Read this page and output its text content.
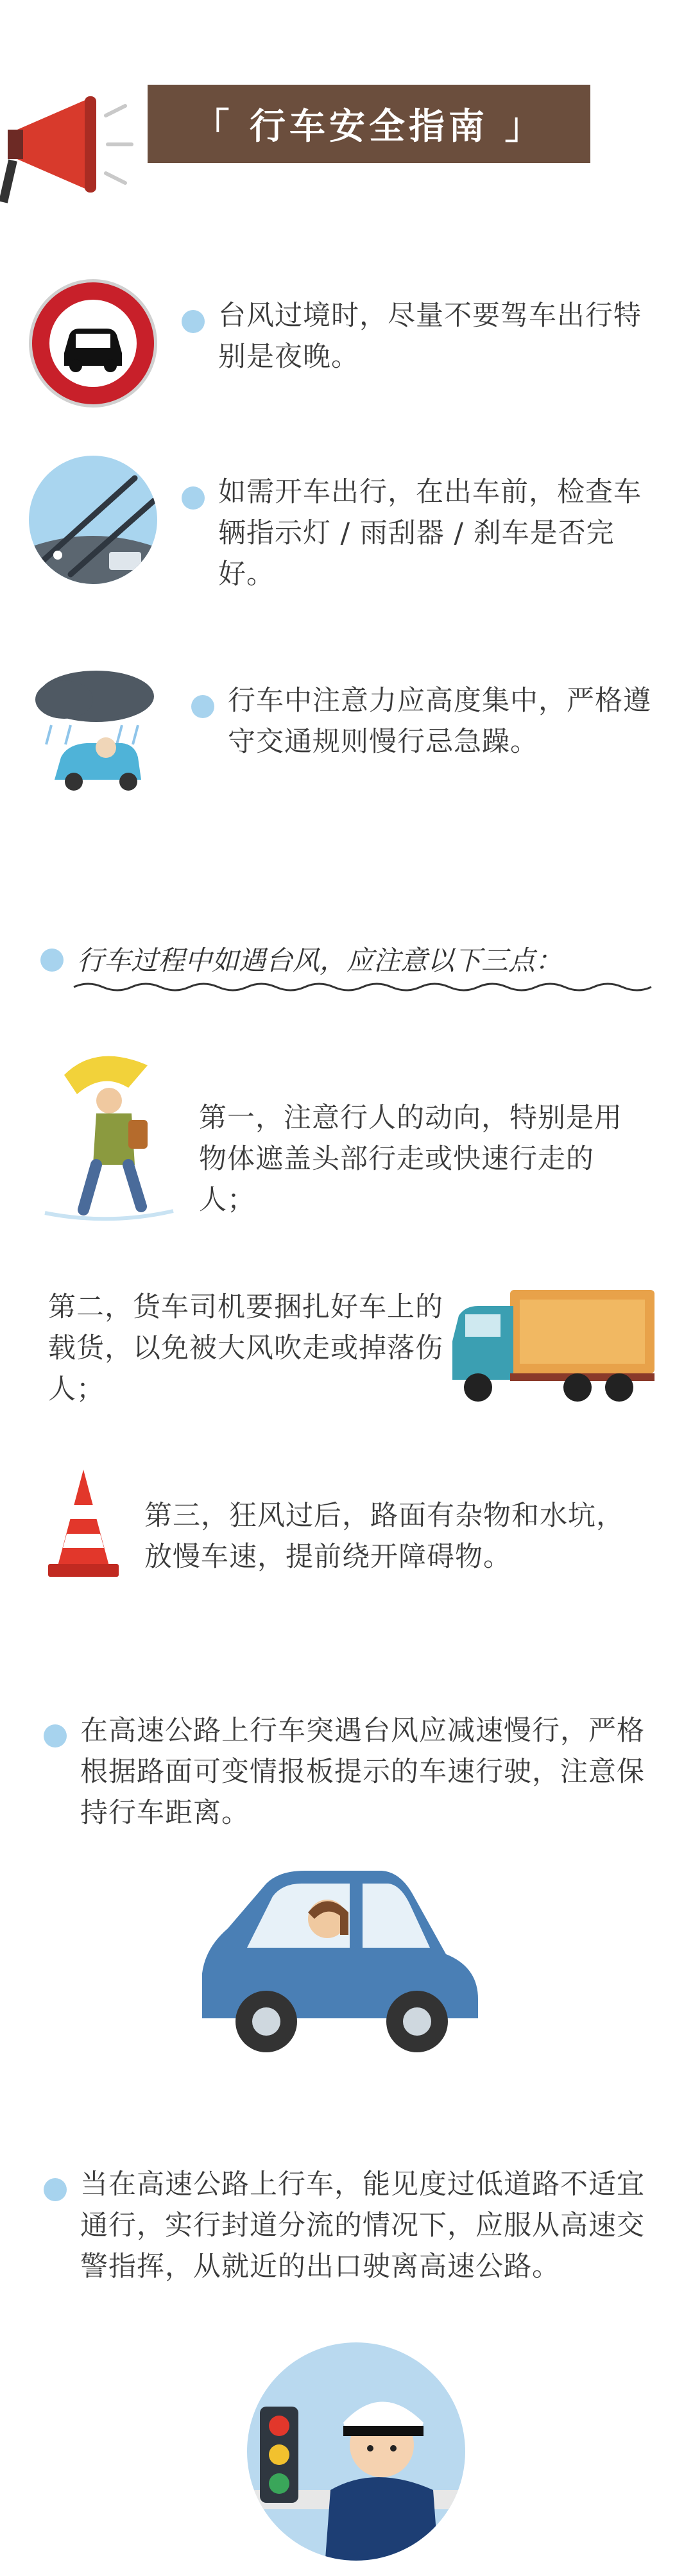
「 行车安全指南 」
台风过境时，尽量不要驾车出行特别是夜晚。
如需开车出行，在出车前，检查车辆指示灯 / 雨刮器 / 刹车是否完好。
行车中注意力应高度集中，严格遵守交通规则慢行忌急躁。
行车过程中如遇台风，应注意以下三点：
第一，注意行人的动向，特别是用物体遮盖头部行走或快速行走的人；
第二，货车司机要捆扎好车上的载货，以免被大风吹走或掉落伤人；
第三，狂风过后，路面有杂物和水坑，放慢车速，提前绕开障碍物。
在高速公路上行车突遇台风应减速慢行，严格根据路面可变情报板提示的车速行驶，注意保持行车距离。
当在高速公路上行车，能见度过低道路不适宜通行，实行封道分流的情况下，应服从高速交警指挥，从就近的出口驶离高速公路。
